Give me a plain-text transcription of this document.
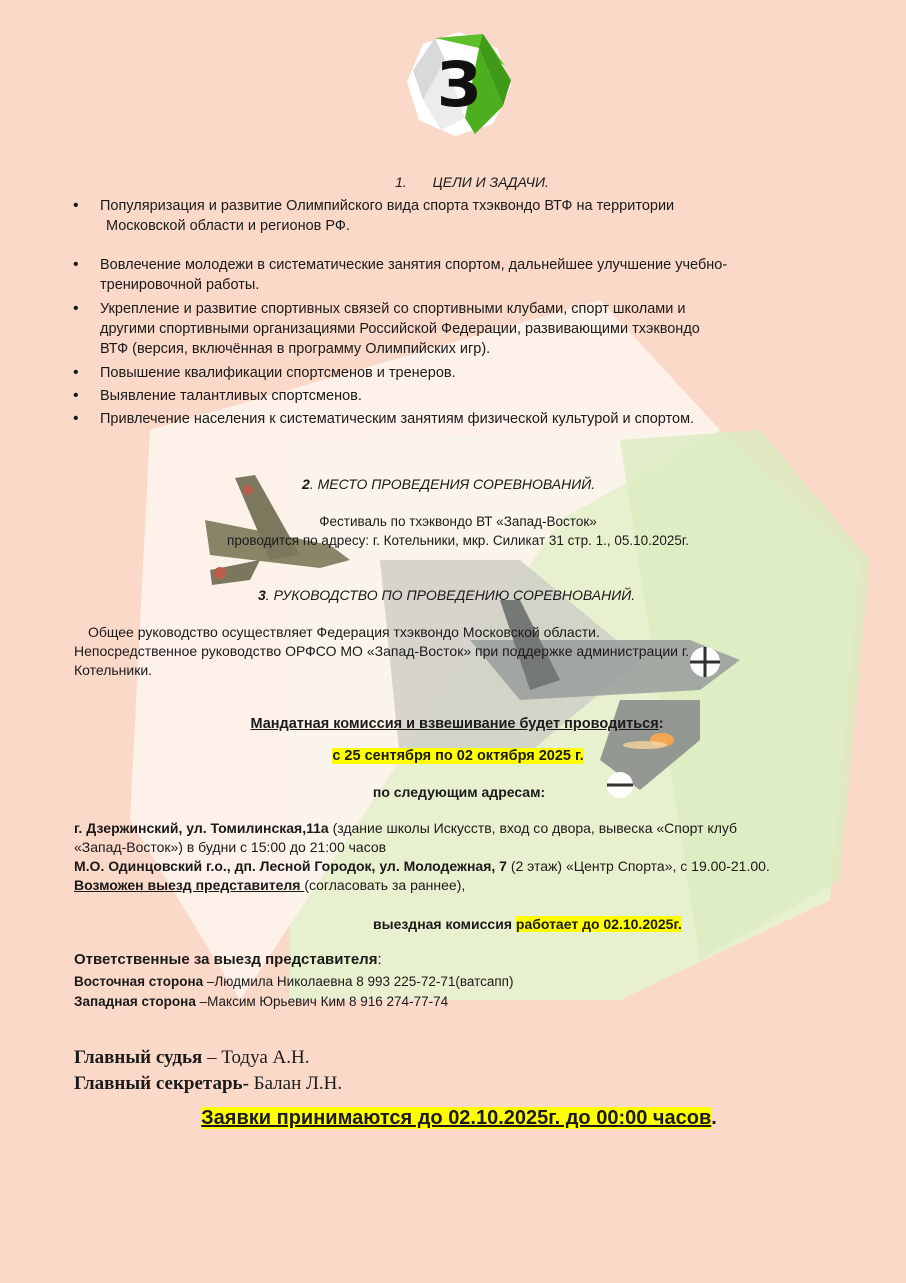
З
1. ЦЕЛИ И ЗАДАЧИ.
• Популяризация и развитие Олимпийского вида спорта тхэквондо ВТФ на территории
Московской области и регионов РФ.
• Вовлечение молодежи в систематические занятия спортом, дальнейшее улучшение учебно-
тренировочной работы.
• Укрепление и развитие спортивных связей со спортивными клубами, спорт школами и
другими спортивными организациями Российской Федерации, развивающими тхэквондо
ВТФ (версия, включённая в программу Олимпийских игр).
• Повышение квалификации спортсменов и тренеров.
• Выявление талантливых спортсменов.
• Привлечение населения к систематическим занятиям физической культурой и спортом.
2. МЕСТО ПРОВЕДЕНИЯ СОРЕВНОВАНИЙ.
Фестиваль по тхэквондо ВТ «Запад-Восток»
проводится по адресу: г. Котельники, мкр. Силикат 31 стр. 1., 05.10.2025г.
3. РУКОВОДСТВО ПО ПРОВЕДЕНИЮ СОРЕВНОВАНИЙ.
Общее руководство осуществляет Федерация тхэквондо Московской области.
Непосредственное руководство ОРФСО МО «Запад-Восток» при поддержке администрации г.
Котельники.
Мандатная комиссия и взвешивание будет проводиться:
с 25 сентября по 02 октября 2025 г.
по следующим адресам:
г. Дзержинский, ул. Томилинская,11а (здание школы Искусств, вход со двора, вывеска «Спорт клуб
«Запад-Восток») в будни с 15:00 до 21:00 часов
М.О. Одинцовский г.о., дп. Лесной Городок, ул. Молодежная, 7 (2 этаж) «Центр Спорта», с 19.00-21.00.
Возможен выезд представителя (согласовать за раннее),
выездная комиссия работает до 02.10.2025г.
Ответственные за выезд представителя:
Восточная сторона –Людмила Николаевна 8 993 225-72-71(ватсапп)
Западная сторона –Максим Юрьевич Ким 8 916 274-77-74
Главный судья – Тодуа А.Н.
Главный секретарь- Балан Л.Н.
Заявки принимаются до 02.10.2025г. до 00:00 часов.
